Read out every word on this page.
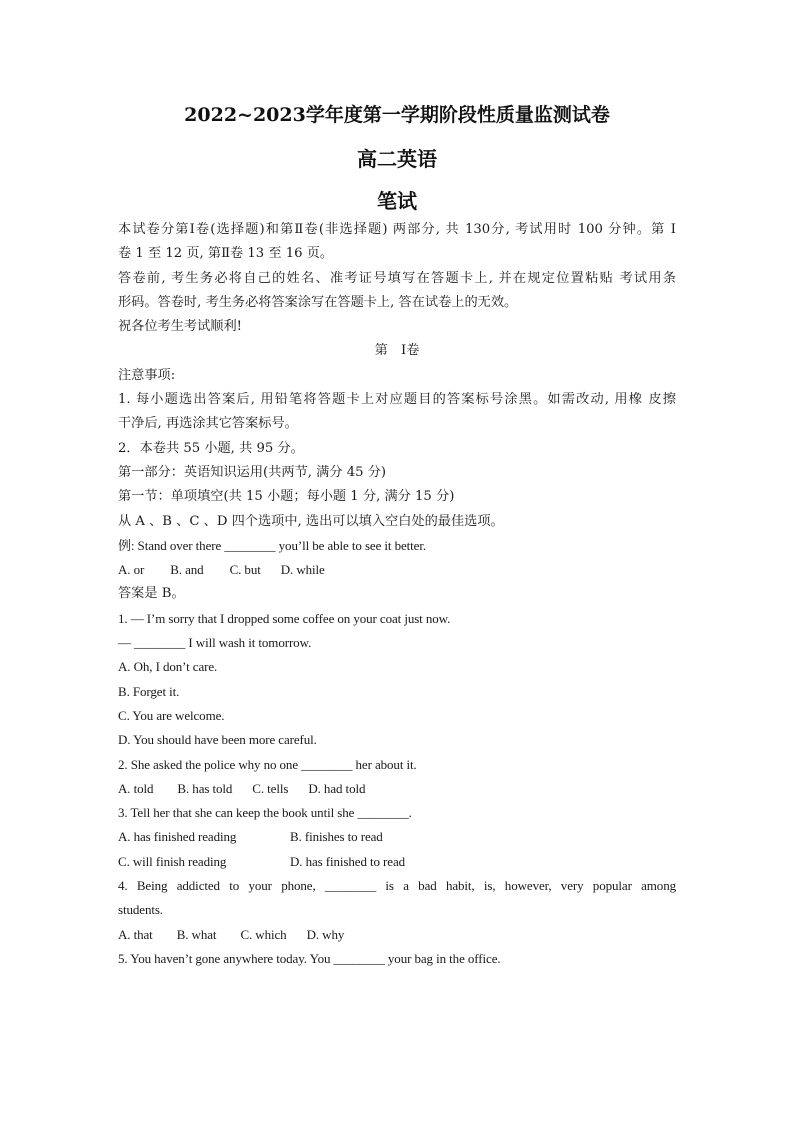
2022~2023学年度第一学期阶段性质量监测试卷
高二英语
笔试

本试卷分第Ⅰ卷(选择题)和第Ⅱ卷(非选择题) 两部分, 共 130分, 考试用时 100 分钟。第 Ⅰ

卷 1 至 12 页, 第Ⅱ卷 13 至 16 页。

答卷前, 考生务必将自己的姓名、准考证号填写在答题卡上, 并在规定位置粘贴 考试用条

形码。答卷时, 考生务必将答案涂写在答题卡上, 答在试卷上的无效。

祝各位考生考试顺利!

第　Ⅰ卷

注意事项:

1. 每小题选出答案后, 用铅笔将答题卡上对应题目的答案标号涂黑。如需改动, 用橡 皮擦

干净后, 再选涂其它答案标号。

2．本卷共 55 小题, 共 95 分。

第一部分：英语知识运用(共两节, 满分 45 分)

第一节：单项填空(共 15 小题；每小题 1 分, 满分 15 分)

从 A 、B 、C 、D 四个选项中, 选出可以填入空白处的最佳选项。

例: Stand over there ________ you’ll be able to see it better.

A. or B. and C. but D. while

答案是 B。

1. — I’m sorry that I dropped some coffee on your coat just now.

— ________ I will wash it tomorrow.

A. Oh, I don’t care.

B. Forget it.

C. You are welcome.

D. You should have been more careful.

2. She asked the police why no one ________ her about it.

A. told B. has told C. tells D. had told

3. Tell her that she can keep the book until she ________.

A. has finished reading	B. finishes to read

C. will finish reading	D. has finished to read

4. Being addicted to your phone, ________ is a bad habit, is, however, very popular among

students.

A. that B. what C. which D. why

5. You haven’t gone anywhere today. You ________ your bag in the office.
